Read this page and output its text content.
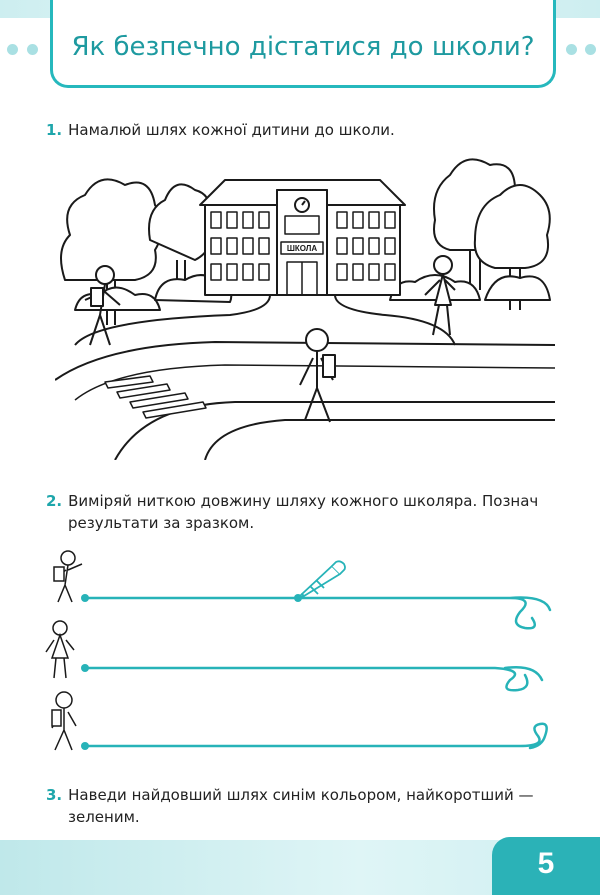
Як безпечно дістатися до школи?
1. Намалюй шлях кожної дитини до школи.
ШКОЛА
2. Виміряй ниткою довжину шляху кожного школяра. Познач
результати за зразком.
3. Наведи найдовший шлях синім кольором, найкоротший —
зеленим.
5
